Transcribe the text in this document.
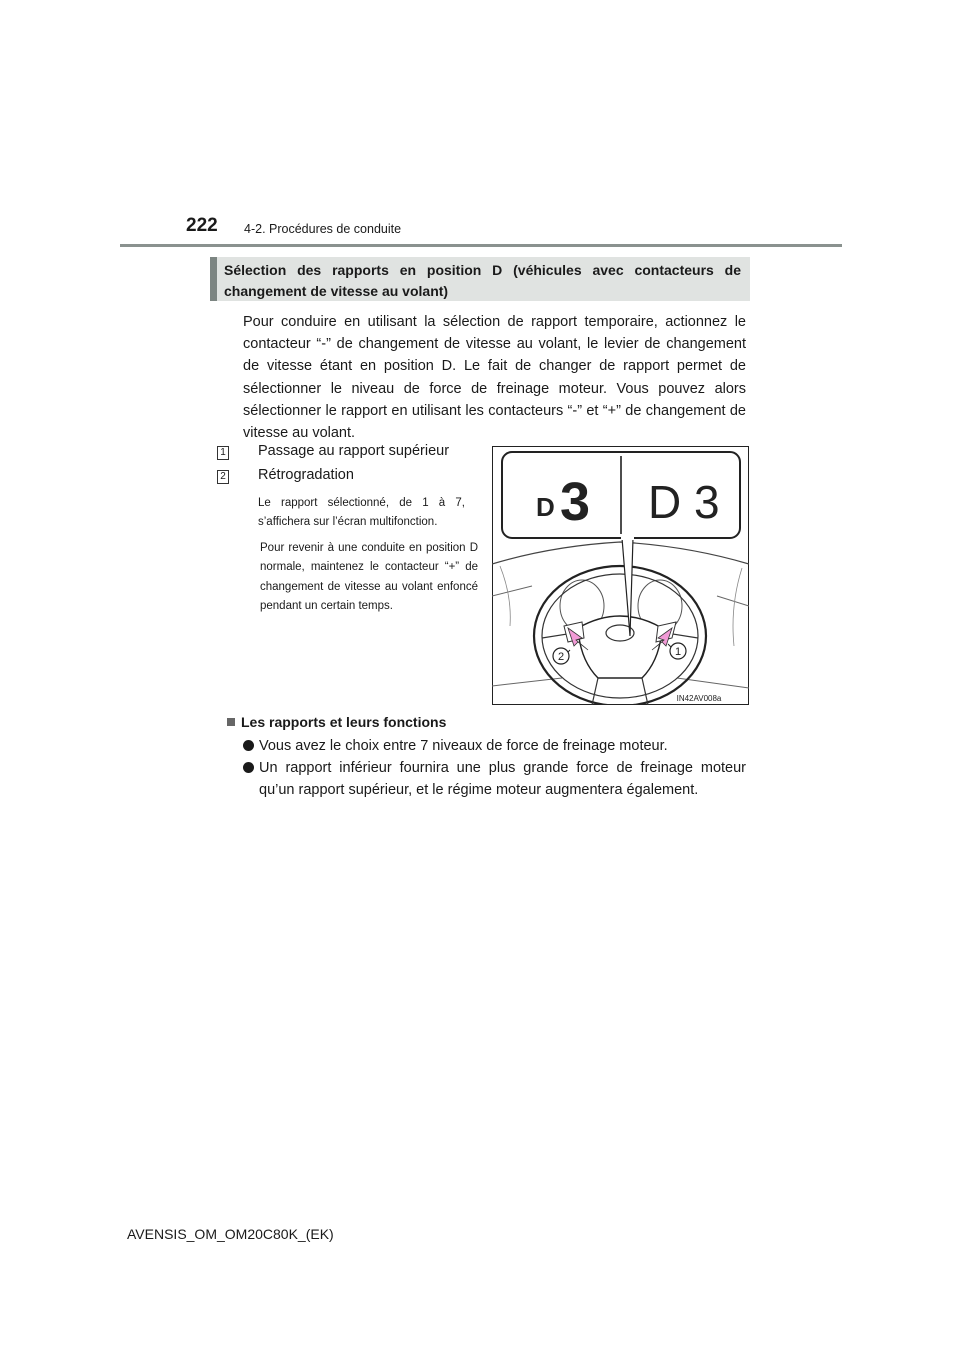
222 4-2. Procédures de conduite
Sélection des rapports en position D (véhicules avec contacteurs de changement de vitesse au volant)
Pour conduire en utilisant la sélection de rapport temporaire, actionnez le contacteur “-” de changement de vitesse au volant, le levier de changement de vitesse étant en position D. Le fait de changer de rapport permet de sélectionner le niveau de force de freinage moteur. Vous pouvez alors sélectionner le rapport en utilisant les contacteurs “-” et “+” de changement de vitesse au volant.
1 Passage au rapport supérieur
2 Rétrogradation
Le rapport sélectionné, de 1 à 7, s’affichera sur l’écran multifonction.
Pour revenir à une conduite en position D normale, maintenez le contacteur “+” de changement de vitesse au volant enfoncé pendant un certain temps.
2	1
D 3 D 3
IN42AV008a
Les rapports et leurs fonctions
Vous avez le choix entre 7 niveaux de force de freinage moteur.
Un rapport inférieur fournira une plus grande force de freinage moteur qu’un rapport supérieur, et le régime moteur augmentera également.
AVENSIS_OM_OM20C80K_(EK)
